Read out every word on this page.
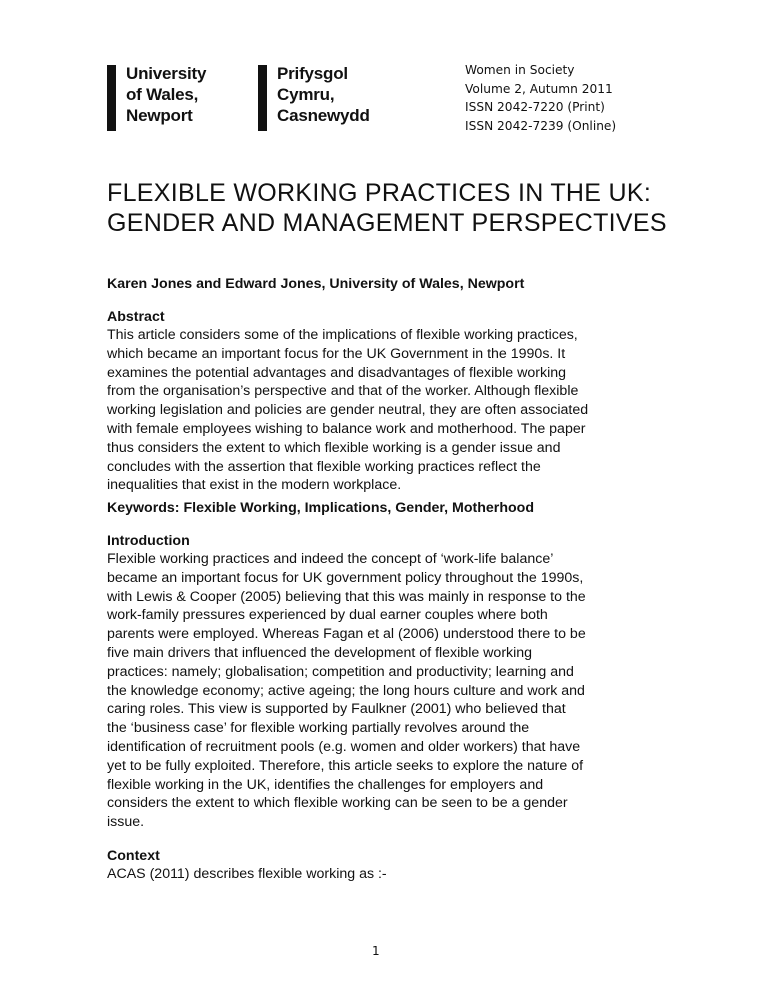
University
of Wales,
Newport
Prifysgol
Cymru,
Casnewydd
Women in Society
Volume 2, Autumn 2011
ISSN 2042-7220 (Print)
ISSN 2042-7239 (Online)
FLEXIBLE WORKING PRACTICES IN THE UK: GENDER AND MANAGEMENT PERSPECTIVES
Karen Jones and Edward Jones, University of Wales, Newport
Abstract
This article considers some of the implications of flexible working practices,
which became an important focus for the UK Government in the 1990s. It
examines the potential advantages and disadvantages of flexible working
from the organisation’s perspective and that of the worker. Although flexible
working legislation and policies are gender neutral, they are often associated
with female employees wishing to balance work and motherhood. The paper
thus considers the extent to which flexible working is a gender issue and
concludes with the assertion that flexible working practices reflect the
inequalities that exist in the modern workplace.
Keywords: Flexible Working, Implications, Gender, Motherhood
Introduction
Flexible working practices and indeed the concept of ‘work-life balance’
became an important focus for UK government policy throughout the 1990s,
with Lewis & Cooper (2005) believing that this was mainly in response to the
work-family pressures experienced by dual earner couples where both
parents were employed. Whereas Fagan et al (2006) understood there to be
five main drivers that influenced the development of flexible working
practices: namely; globalisation; competition and productivity; learning and
the knowledge economy; active ageing; the long hours culture and work and
caring roles. This view is supported by Faulkner (2001) who believed that
the ‘business case’ for flexible working partially revolves around the
identification of recruitment pools (e.g. women and older workers) that have
yet to be fully exploited. Therefore, this article seeks to explore the nature of
flexible working in the UK, identifies the challenges for employers and
considers the extent to which flexible working can be seen to be a gender
issue.
Context
ACAS (2011) describes flexible working as :-
1
